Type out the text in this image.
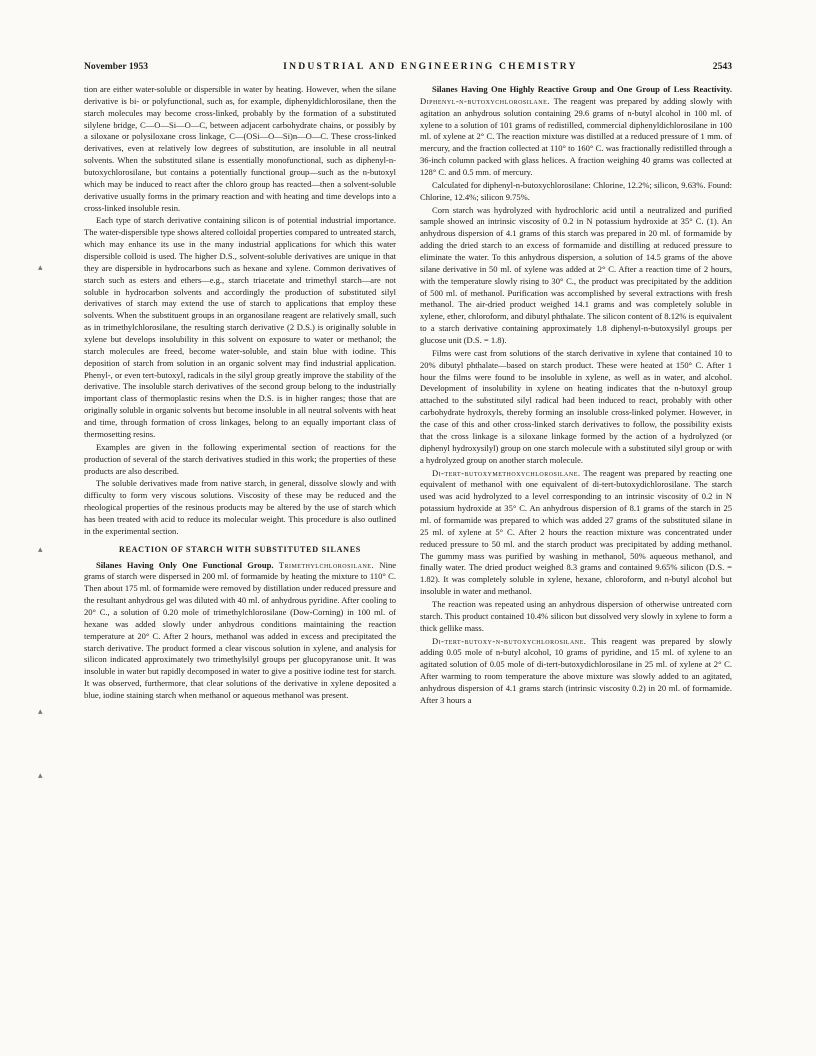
November 1953	INDUSTRIAL AND ENGINEERING CHEMISTRY	2543
▴
▴
▴
▴

tion are either water-soluble or dispersible in water by heating. However, when the silane derivative is bi- or polyfunctional, such as, for example, diphenyldichlorosilane, then the starch molecules may become cross-linked, probably by the formation of a substituted silylene bridge, C—O—Si—O—C, between adjacent carbohydrate chains, or possibly by a siloxane or polysiloxane cross linkage, C—(OSi—O—Si)n—O—C. These cross-linked derivatives, even at relatively low degrees of substitution, are insoluble in all neutral solvents. When the substituted silane is essentially monofunctional, such as diphenyl-n-butoxychlorosilane, but contains a potentially functional group—such as the n-butoxyl which may be induced to react after the chloro group has reacted—then a solvent-soluble derivative usually forms in the primary reaction and with heating and time develops into a cross-linked insoluble resin.

Each type of starch derivative containing silicon is of potential industrial importance. The water-dispersible type shows altered colloidal properties compared to untreated starch, which may enhance its use in the many industrial applications for which this water dispersible colloid is used. The higher D.S., solvent-soluble derivatives are unique in that they are dispersible in hydrocarbons such as hexane and xylene. Common derivatives of starch such as esters and ethers—e.g., starch triacetate and trimethyl starch—are not soluble in hydrocarbon solvents and accordingly the production of substituted silyl derivatives of starch may extend the use of starch to applications that employ these solvents. When the substituent groups in an organosilane reagent are relatively small, such as in trimethylchlorosilane, the resulting starch derivative (2 D.S.) is originally soluble in xylene but develops insolubility in this solvent on exposure to water or methanol; the starch molecules are freed, become water-soluble, and stain blue with iodine. This deposition of starch from solution in an organic solvent may find industrial application. Phenyl-, or even tert-butoxyl, radicals in the silyl group greatly improve the stability of the derivative. The insoluble starch derivatives of the second group belong to the industrially important class of thermoplastic resins when the D.S. is in higher ranges; those that are originally soluble in organic solvents but become insoluble in all neutral solvents with heat and time, through formation of cross linkages, belong to an equally important class of thermosetting resins.

Examples are given in the following experimental section of reactions for the production of several of the starch derivatives studied in this work; the properties of these products are also described.

The soluble derivatives made from native starch, in general, dissolve slowly and with difficulty to form very viscous solutions. Viscosity of these may be reduced and the rheological properties of the resinous products may be altered by the use of starch which has been treated with acid to reduce its molecular weight. This procedure is also outlined in the experimental section.

REACTION OF STARCH WITH SUBSTITUTED SILANES

Silanes Having Only One Functional Group. Trimethylchlorosilane. Nine grams of starch were dispersed in 200 ml. of formamide by heating the mixture to 110° C. Then about 175 ml. of formamide were removed by distillation under reduced pressure and the resultant anhydrous gel was diluted with 40 ml. of anhydrous pyridine. After cooling to 20° C., a solution of 0.20 mole of trimethylchlorosilane (Dow-Corning) in 100 ml. of hexane was added slowly under anhydrous conditions maintaining the reaction temperature at 20° C. After 2 hours, methanol was added in excess and precipitated the starch derivative. The product formed a clear viscous solution in xylene, and analysis for silicon indicated approximately two trimethylsilyl groups per glucopyranose unit. It was insoluble in water but rapidly decomposed in water to give a positive iodine test for starch. It was observed, furthermore, that clear solutions of the derivative in xylene deposited a blue, iodine staining starch when methanol or aqueous methanol was present.

Silanes Having One Highly Reactive Group and One Group of Less Reactivity. Diphenyl-n-butoxychlorosilane. The reagent was prepared by adding slowly with agitation an anhydrous solution containing 29.6 grams of n-butyl alcohol in 100 ml. of xylene to a solution of 101 grams of redistilled, commercial diphenyldichlorosilane in 100 ml. of xylene at 2° C. The reaction mixture was distilled at a reduced pressure of 1 mm. of mercury, and the fraction collected at 110° to 160° C. was fractionally redistilled through a 36-inch column packed with glass helices. A fraction weighing 40 grams was collected at 128° C. and 0.5 mm. of mercury.

Calculated for diphenyl-n-butoxychlorosilane: Chlorine, 12.2%; silicon, 9.63%. Found: Chlorine, 12.4%; silicon 9.75%.

Corn starch was hydrolyzed with hydrochloric acid until a neutralized and purified sample showed an intrinsic viscosity of 0.2 in N potassium hydroxide at 35° C. (1). An anhydrous dispersion of 4.1 grams of this starch was prepared in 20 ml. of formamide by adding the dried starch to an excess of formamide and distilling at reduced pressure to eliminate the water. To this anhydrous dispersion, a solution of 14.5 grams of the above silane derivative in 50 ml. of xylene was added at 2° C. After a reaction time of 2 hours, with the temperature slowly rising to 30° C., the product was precipitated by the addition of 500 ml. of methanol. Purification was accomplished by several extractions with fresh methanol. The air-dried product weighed 14.1 grams and was completely soluble in xylene, ether, chloroform, and dibutyl phthalate. The silicon content of 8.12% is equivalent to a starch derivative containing approximately 1.8 diphenyl-n-butoxysilyl groups per glucose unit (D.S. = 1.8).

Films were cast from solutions of the starch derivative in xylene that contained 10 to 20% dibutyl phthalate—based on starch product. These were heated at 150° C. After 1 hour the films were found to be insoluble in xylene, as well as in water, and alcohol. Development of insolubility in xylene on heating indicates that the n-butoxyl group attached to the substituted silyl radical had been induced to react, probably with other carbohydrate hydroxyls, thereby forming an insoluble cross-linked polymer. However, in the case of this and other cross-linked starch derivatives to follow, the possibility exists that the cross linkage is a siloxane linkage formed by the action of a hydrolyzed (or diphenyl hydroxysilyl) group on one starch molecule with a substituted silyl group or with a hydrolyzed group on another starch molecule.

Di-tert-butoxymethoxychlorosilane. The reagent was prepared by reacting one equivalent of methanol with one equivalent of di-tert-butoxydichlorosilane. The starch used was acid hydrolyzed to a level corresponding to an intrinsic viscosity of 0.2 in N potassium hydroxide at 35° C. An anhydrous dispersion of 8.1 grams of the starch in 25 ml. of formamide was prepared to which was added 27 grams of the substituted silane in 25 ml. of xylene at 5° C. After 2 hours the reaction mixture was concentrated under reduced pressure to 50 ml. and the starch product was precipitated by adding methanol. The gummy mass was purified by washing in methanol, 50% aqueous methanol, and finally water. The dried product weighed 8.3 grams and contained 9.65% silicon (D.S. = 1.82). It was completely soluble in xylene, hexane, chloroform, and n-butyl alcohol but insoluble in water and methanol.

The reaction was repeated using an anhydrous dispersion of otherwise untreated corn starch. This product contained 10.4% silicon but dissolved very slowly in xylene to form a thick gellike mass.

Di-tert-butoxy-n-butoxychlorosilane. This reagent was prepared by slowly adding 0.05 mole of n-butyl alcohol, 10 grams of pyridine, and 15 ml. of xylene to an agitated solution of 0.05 mole of di-tert-butoxydichlorosilane in 25 ml. of xylene at 2° C. After warming to room temperature the above mixture was slowly added to an agitated, anhydrous dispersion of 4.1 grams starch (intrinsic viscosity 0.2) in 20 ml. of formamide. After 3 hours a
